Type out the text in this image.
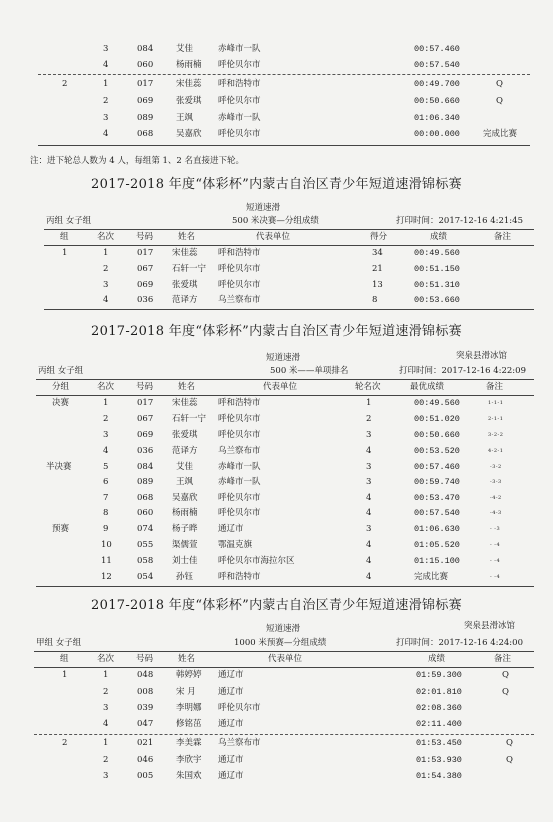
3	084	艾佳	赤峰市一队	00:57.460
4	060	杨雨楠 呼伦贝尔市	00:57.540
2	1	017	宋佳蕊 呼和浩特市	00:49.700	Q
2	069	张爱琪 呼伦贝尔市	00:50.660	Q
3	089	王飒	赤峰市一队	01:06.340
4	068	吴嘉欣 呼伦贝尔市	00:00.000	完成比赛
注：进下轮总人数为 4 人，每组第 1、2 名直接进下轮。
2017-2018 年度“体彩杯”内蒙古自治区青少年短道速滑锦标赛
短道速滑
丙组 女子组	500 米决赛—分组成绩	打印时间：2017-12-16 4:21:45
组	名次	号码	姓名	代表单位	得分	成绩	备注
1	1	017 宋佳蕊 呼和浩特市	34	00:49.560
2	067 石轩一宁 呼伦贝尔市	21	00:51.150
3	069 张爱琪 呼伦贝尔市	13	00:51.310
4	036 范译方 乌兰察布市	8	00:53.660
2017-2018 年度“体彩杯”内蒙古自治区青少年短道速滑锦标赛
突泉县滑冰馆
短道速滑
丙组 女子组	500 米——单项排名	打印时间：2017-12-16 4:22:09
分组	名次	号码	姓名	代表单位	轮名次	最优成绩	备注
决赛	1	017 宋佳蕊 呼和浩特市	1	00:49.560	1-1-1
2	067 石轩一宁 呼伦贝尔市	2	00:51.020	2-1-1
3	069 张爱琪 呼伦贝尔市	3	00:50.660	3-2-2
4	036 范译方 乌兰察布市	4	00:53.520	4-2-1
半决赛	5	084	艾佳	赤峰市一队	3	00:57.460	-3-2
6	089	王飒	赤峰市一队	3	00:59.740	-3-3
7	068 吴嘉欣 呼伦贝尔市	4	00:53.470	-4-2
8	060 杨雨楠 呼伦贝尔市	4	00:57.540	-4-3
预赛	9	074 杨子晔 通辽市	3	01:06.630	- -3
10	055 渠儒萱 鄂温克旗	4	01:05.520	- -4
11	058 刘士佳 呼伦贝尔市海拉尔区	4	01:15.100	- -4
12	054	孙钰	呼和浩特市	4	完成比赛	- -4
2017-2018 年度“体彩杯”内蒙古自治区青少年短道速滑锦标赛
突泉县滑冰馆
短道速滑
甲组 女子组	1000 米预赛—分组成绩	打印时间：2017-12-16 4:24:00
组	名次	号码	姓名	代表单位	成绩	备注
1	1	048	韩婷婷 通辽市	01:59.300	Q
2	008	宋 月	通辽市	02:01.810	Q
3	039	李明娜 呼伦贝尔市	02:08.360
4	047	修铭茁 通辽市	02:11.400
2	1	021	李美霖 乌兰察布市	01:53.450	Q
2	046	李欣宇 通辽市	01:53.930	Q
3	005	朱国欢 通辽市	01:54.380
